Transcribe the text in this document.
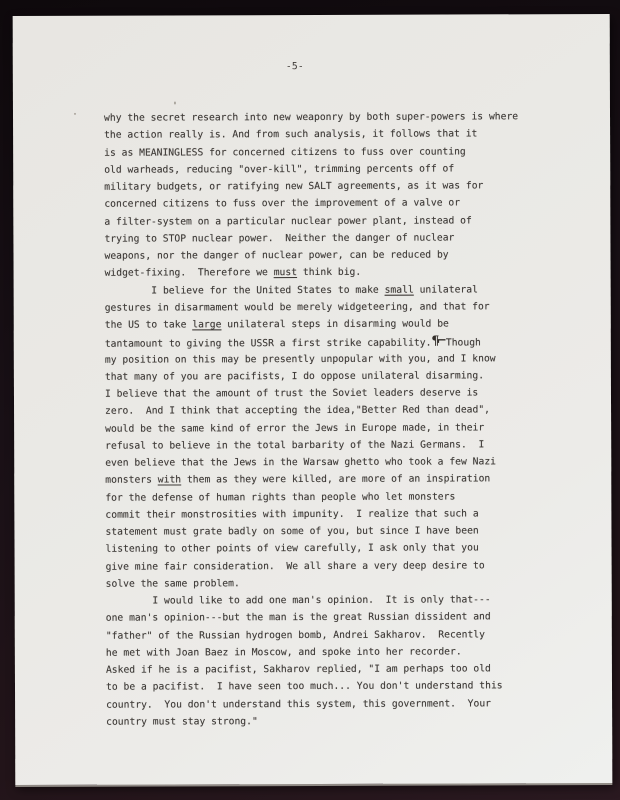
-5-
why the secret research into new weaponry by both super-powers is where
the action really is. And from such analysis, it follows that it
is as MEANINGLESS for concerned citizens to fuss over counting
old warheads, reducing "over-kill", trimming percents off of
military budgets, or ratifying new SALT agreements, as it was for
concerned citizens to fuss over the improvement of a valve or
a filter-system on a particular nuclear power plant, instead of
trying to STOP nuclear power.  Neither the danger of nuclear
weapons, nor the danger of nuclear power, can be reduced by
widget-fixing.  Therefore we must think big.
I believe for the United States to make small unilateral
gestures in disarmament would be merely widgeteering, and that for
the US to take large unilateral steps in disarming would be
tantamount to giving the USSR a first strike capability.¶⌐ Though
my position on this may be presently unpopular with you, and I know
that many of you are pacifists, I do oppose unilateral disarming.
I believe that the amount of trust the Soviet leaders deserve is
zero.  And I think that accepting the idea,"Better Red than dead",
would be the same kind of error the Jews in Europe made, in their
refusal to believe in the total barbarity of the Nazi Germans.  I
even believe that the Jews in the Warsaw ghetto who took a few Nazi
monsters with them as they were killed, are more of an inspiration
for the defense of human rights than people who let monsters
commit their monstrosities with impunity.  I realize that such a
statement must grate badly on some of you, but since I have been
listening to other points of view carefully, I ask only that you
give mine fair consideration.  We all share a very deep desire to
solve the same problem.
I would like to add one man's opinion.  It is only that---
one man's opinion---but the man is the great Russian dissident and
"father" of the Russian hydrogen bomb, Andrei Sakharov.  Recently
he met with Joan Baez in Moscow, and spoke into her recorder.
Asked if he is a pacifist, Sakharov replied, "I am perhaps too old
to be a pacifist.  I have seen too much... You don't understand this
country.  You don't understand this system, this government.  Your
country must stay strong."
